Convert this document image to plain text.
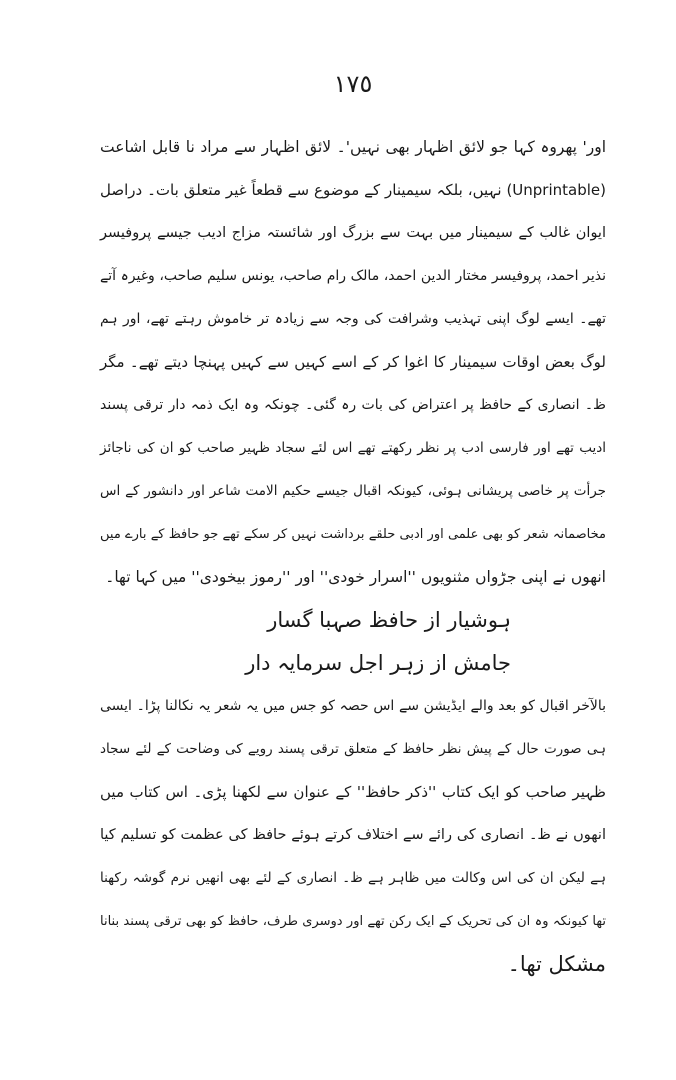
١٧٥
اور' پھروہ کہا جو لائق اظہار بھی نہیں'۔ لائق اظہار سے مراد نا قابل اشاعت
(Unprintable) نہیں، بلکہ سیمینار کے موضوع سے قطعاً غیر متعلق بات۔ دراصل
ایوان غالب کے سیمینار میں بہت سے بزرگ اور شائستہ مزاج ادیب جیسے پروفیسر
نذیر احمد، پروفیسر مختار الدین احمد، مالک رام صاحب، یونس سلیم صاحب، وغیرہ آتے
تھے۔ ایسے لوگ اپنی تہذیب وشرافت کی وجہ سے زیادہ تر خاموش رہتے تھے، اور ہم
لوگ بعض اوقات سیمینار کا اغوا کر کے اسے کہیں سے کہیں پہنچا دیتے تھے۔ مگر
ظ۔ انصاری کے حافظ پر اعتراض کی بات رہ گئی۔ چونکہ وہ ایک ذمہ دار ترقی پسند
ادیب تھے اور فارسی ادب پر نظر رکھتے تھے اس لئے سجاد ظہیر صاحب کو ان کی ناجائز
جرأت پر خاصی پریشانی ہوئی، کیونکہ اقبال جیسے حکیم الامت شاعر اور دانشور کے اس
مخاصمانہ شعر کو بھی علمی اور ادبی حلقے برداشت نہیں کر سکے تھے جو حافظ کے بارے میں
انھوں نے اپنی جڑواں مثنویوں ''اسرار خودی'' اور ''رموز بیخودی'' میں کہا تھا۔
ہوشیار از حافظ صہبا گسار
جامش از زہر اجل سرمایہ دار
بالآخر اقبال کو بعد والے ایڈیشن سے اس حصہ کو جس میں یہ شعر یہ نکالنا پڑا۔ ایسی
ہی صورت حال کے پیش نظر حافظ کے متعلق ترقی پسند رویے کی وضاحت کے لئے سجاد
ظہیر صاحب کو ایک کتاب ''ذکر حافظ'' کے عنوان سے لکھنا پڑی۔ اس کتاب میں
انھوں نے ظ۔ انصاری کی رائے سے اختلاف کرتے ہوئے حافظ کی عظمت کو تسلیم کیا
ہے لیکن ان کی اس وکالت میں ظاہر ہے ظ۔ انصاری کے لئے بھی انھیں نرم گوشہ رکھنا
تھا کیونکہ وہ ان کی تحریک کے ایک رکن تھے اور دوسری طرف، حافظ کو بھی ترقی پسند بنانا
مشکل تھا۔
